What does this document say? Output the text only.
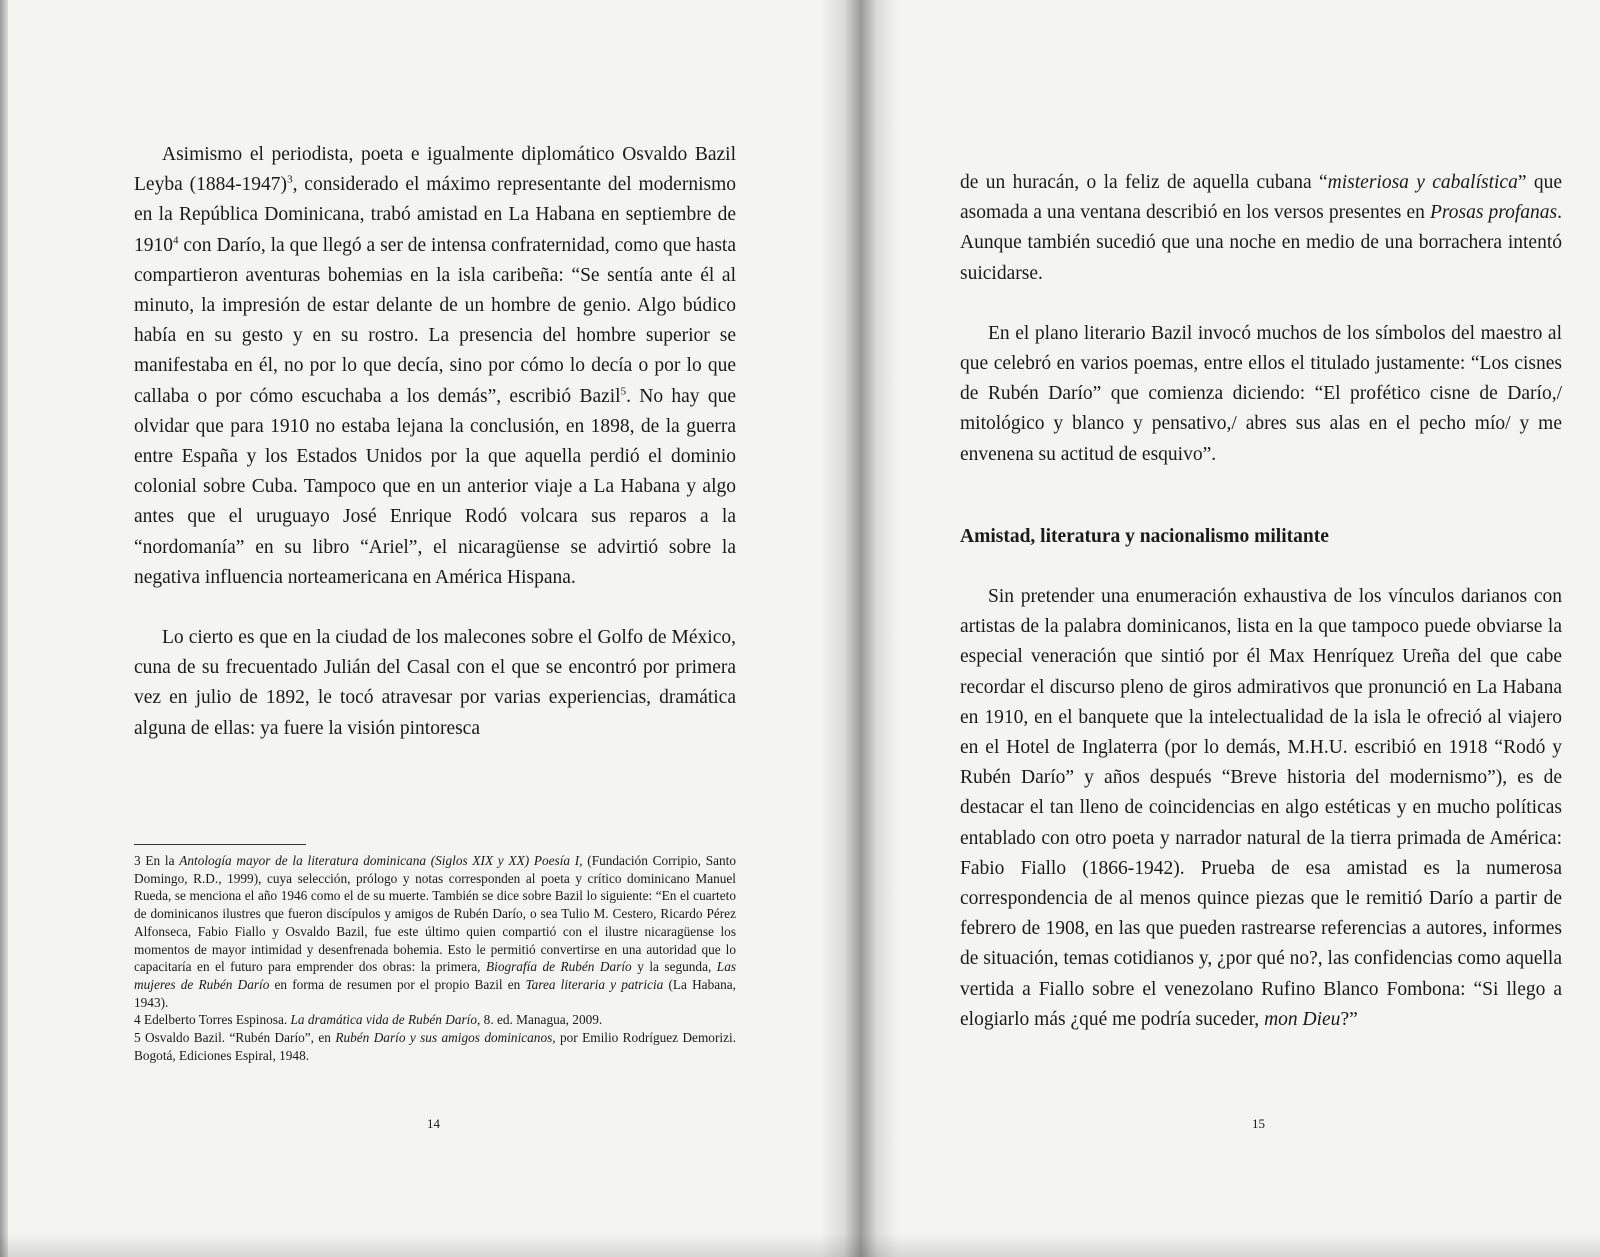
Asimismo el periodista, poeta e igualmente diplomático Osvaldo Bazil Leyba (1884-1947)$^3$, considerado el máximo representante del modernismo en la República Dominicana, trabó amistad en La Habana en septiembre de 1910$^4$ con Darío, la que llegó a ser de intensa confraternidad, como que hasta compartieron aventuras bohemias en la isla caribeña: “Se sentía ante él al minuto, la impresión de estar delante de un hombre de genio. Algo búdico había en su gesto y en su rostro. La presencia del hombre superior se manifestaba en él, no por lo que decía, sino por cómo lo decía o por lo que callaba o por cómo escuchaba a los demás”, escribió Bazil$^5$. No hay que olvidar que para 1910 no estaba lejana la conclusión, en 1898, de la guerra entre España y los Estados Unidos por la que aquella perdió el dominio colonial sobre Cuba. Tampoco que en un anterior viaje a La Habana y algo antes que el uruguayo José Enrique Rodó volcara sus reparos a la “nordomanía” en su libro “Ariel”, el nicaragüense se advirtió sobre la negativa influencia norteamericana en América Hispana.

Lo cierto es que en la ciudad de los malecones sobre el Golfo de México, cuna de su frecuentado Julián del Casal con el que se encontró por primera vez en julio de 1892, le tocó atravesar por varias experiencias, dramática alguna de ellas: ya fuere la visión pintoresca

3 En la Antología mayor de la literatura dominicana (Siglos XIX y XX) Poesía I, (Fundación Corripio, Santo Domingo, R.D., 1999), cuya selección, prólogo y notas corresponden al poeta y crítico dominicano Manuel Rueda, se menciona el año 1946 como el de su muerte. También se dice sobre Bazil lo siguiente: “En el cuarteto de dominicanos ilustres que fueron discípulos y amigos de Rubén Darío, o sea Tulio M. Cestero, Ricardo Pérez Alfonseca, Fabio Fiallo y Osvaldo Bazil, fue este último quien compartió con el ilustre nicaragüense los momentos de mayor intimidad y desenfrenada bohemia. Esto le permitió convertirse en una autoridad que lo capacitaría en el futuro para emprender dos obras: la primera, Biografía de Rubén Darío y la segunda, Las mujeres de Rubén Darío en forma de resumen por el propio Bazil en Tarea literaria y patricia (La Habana, 1943).

4 Edelberto Torres Espinosa. La dramática vida de Rubén Darío, 8. ed. Managua, 2009.

5 Osvaldo Bazil. “Rubén Darío”, en Rubén Darío y sus amigos dominicanos, por Emilio Rodríguez Demorizi. Bogotá, Ediciones Espiral, 1948.

14

de un huracán, o la feliz de aquella cubana “misteriosa y cabalística” que asomada a una ventana describió en los versos presentes en Prosas profanas. Aunque también sucedió que una noche en medio de una borrachera intentó suicidarse.

En el plano literario Bazil invocó muchos de los símbolos del maestro al que celebró en varios poemas, entre ellos el titulado justamente: “Los cisnes de Rubén Darío” que comienza diciendo: “El profético cisne de Darío,/ mitológico y blanco y pensativo,/ abres sus alas en el pecho mío/ y me envenena su actitud de esquivo”.

Amistad, literatura y nacionalismo militante

Sin pretender una enumeración exhaustiva de los vínculos darianos con artistas de la palabra dominicanos, lista en la que tampoco puede obviarse la especial veneración que sintió por él Max Henríquez Ureña del que cabe recordar el discurso pleno de giros admirativos que pronunció en La Habana en 1910, en el banquete que la intelectualidad de la isla le ofreció al viajero en el Hotel de Inglaterra (por lo demás, M.H.U. escribió en 1918 “Rodó y Rubén Darío” y años después “Breve historia del modernismo”), es de destacar el tan lleno de coincidencias en algo estéticas y en mucho políticas entablado con otro poeta y narrador natural de la tierra primada de América: Fabio Fiallo (1866-1942). Prueba de esa amistad es la numerosa correspondencia de al menos quince piezas que le remitió Darío a partir de febrero de 1908, en las que pueden rastrearse referencias a autores, informes de situación, temas cotidianos y, ¿por qué no?, las confidencias como aquella vertida a Fiallo sobre el venezolano Rufino Blanco Fombona: “Si llego a elogiarlo más ¿qué me podría suceder, mon Dieu?”

15
